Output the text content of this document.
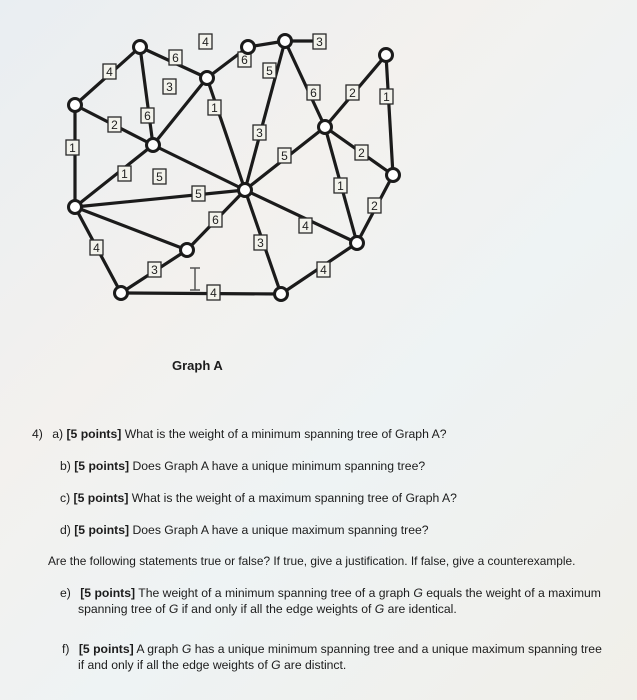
4
6	6
3
4
3
5
6	2 1
2
6
1
3
5	2
1
1 5
1
5
2
6	4
4	3
3	4
4
Graph A
4) a) [5 points] What is the weight of a minimum spanning tree of Graph A?
b) [5 points] Does Graph A have a unique minimum spanning tree?
c) [5 points] What is the weight of a maximum spanning tree of Graph A?
d) [5 points] Does Graph A have a unique maximum spanning tree?
Are the following statements true or false? If true, give a justification. If false, give a counterexample.
e) [5 points] The weight of a minimum spanning tree of a graph G equals the weight of a maximum
spanning tree of G if and only if all the edge weights of G are identical.
f) [5 points] A graph G has a unique minimum spanning tree and a unique maximum spanning tree
if and only if all the edge weights of G are distinct.
